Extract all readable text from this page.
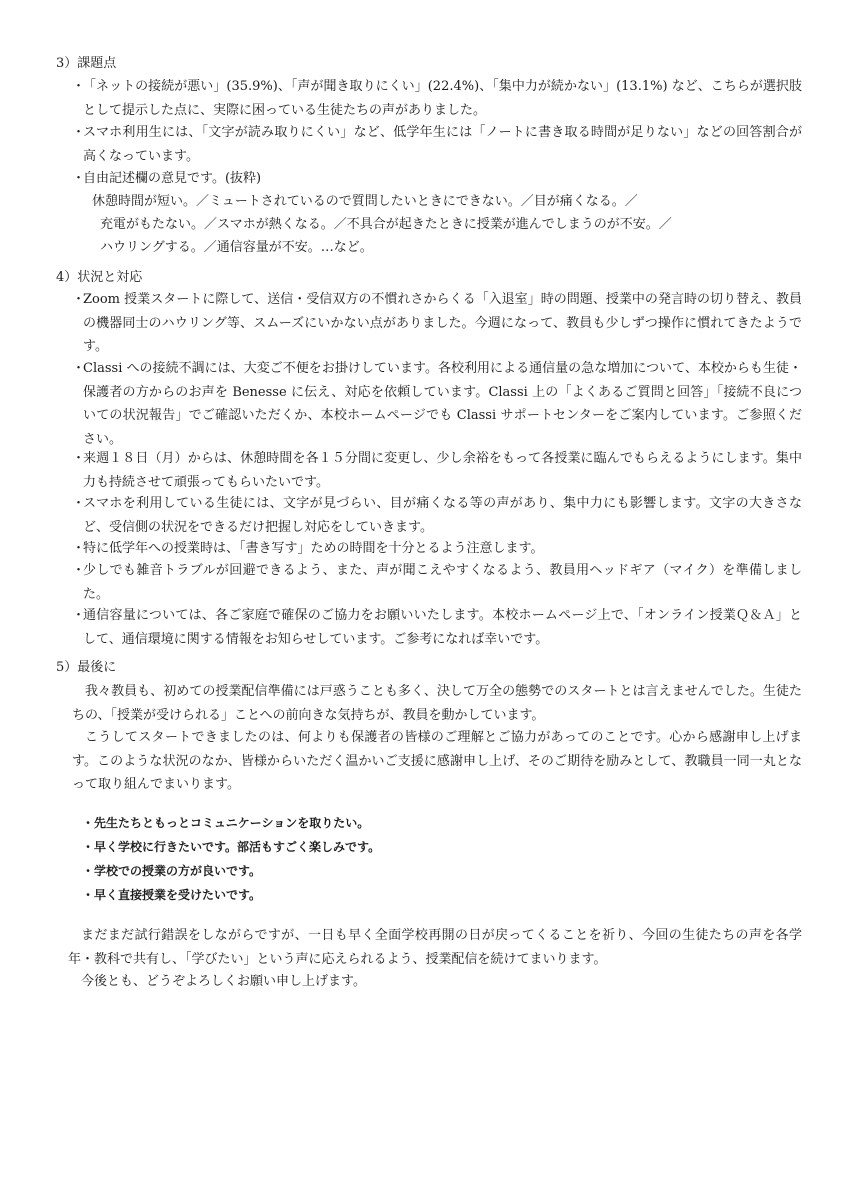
3）課題点
・
「ネットの接続が悪い」(35.9%)、「声が聞き取りにくい」(22.4%)、「集中力が続かない」(13.1%) など、こちらが選択肢として提示した点に、実際に困っている生徒たちの声がありました。
・
スマホ利用生には、「文字が読み取りにくい」など、低学年生には「ノートに書き取る時間が足りない」などの回答割合が高くなっています。
・
自由記述欄の意見です。(抜粋)
休憩時間が短い。／ミュートされているので質問したいときにできない。／目が痛くなる。／
充電がもたない。／スマホが熱くなる。／不具合が起きたときに授業が進んでしまうのが不安。／
ハウリングする。／通信容量が不安。…など。
4）状況と対応
・
Zoom 授業スタートに際して、送信・受信双方の不慣れさからくる「入退室」時の問題、授業中の発言時の切り替え、教員の機器同士のハウリング等、スムーズにいかない点がありました。今週になって、教員も少しずつ操作に慣れてきたようです。
・
Classi への接続不調には、大変ご不便をお掛けしています。各校利用による通信量の急な増加について、本校からも生徒・保護者の方からのお声を Benesse に伝え、対応を依頼しています。Classi 上の「よくあるご質問と回答」「接続不良についての状況報告」でご確認いただくか、本校ホームページでも Classi サポートセンターをご案内しています。ご参照ください。
・
来週１８日（月）からは、休憩時間を各１５分間に変更し、少し余裕をもって各授業に臨んでもらえるようにします。集中力も持続させて頑張ってもらいたいです。
・
スマホを利用している生徒には、文字が見づらい、目が痛くなる等の声があり、集中力にも影響します。文字の大きさなど、受信側の状況をできるだけ把握し対応をしていきます。
・
特に低学年への授業時は、「書き写す」ための時間を十分とるよう注意します。
・
少しでも雑音トラブルが回避できるよう、また、声が聞こえやすくなるよう、教員用ヘッドギア（マイク）を準備しました。
・
通信容量については、各ご家庭で確保のご協力をお願いいたします。本校ホームページ上で、「オンライン授業Ｑ＆Ａ」として、通信環境に関する情報をお知らせしています。ご参考になれば幸いです。
5）最後に
我々教員も、初めての授業配信準備には戸惑うことも多く、決して万全の態勢でのスタートとは言えませんでした。生徒たちの、「授業が受けられる」ことへの前向きな気持ちが、教員を動かしています。
こうしてスタートできましたのは、何よりも保護者の皆様のご理解とご協力があってのことです。心から感謝申し上げます。このような状況のなか、皆様からいただく温かいご支援に感謝申し上げ、そのご期待を励みとして、教職員一同一丸となって取り組んでまいります。
・先生たちともっとコミュニケーションを取りたい。
・早く学校に行きたいです。部活もすごく楽しみです。
・学校での授業の方が良いです。
・早く直接授業を受けたいです。
まだまだ試行錯誤をしながらですが、一日も早く全面学校再開の日が戻ってくることを祈り、今回の生徒たちの声を各学年・教科で共有し、「学びたい」という声に応えられるよう、授業配信を続けてまいります。
今後とも、どうぞよろしくお願い申し上げます。
